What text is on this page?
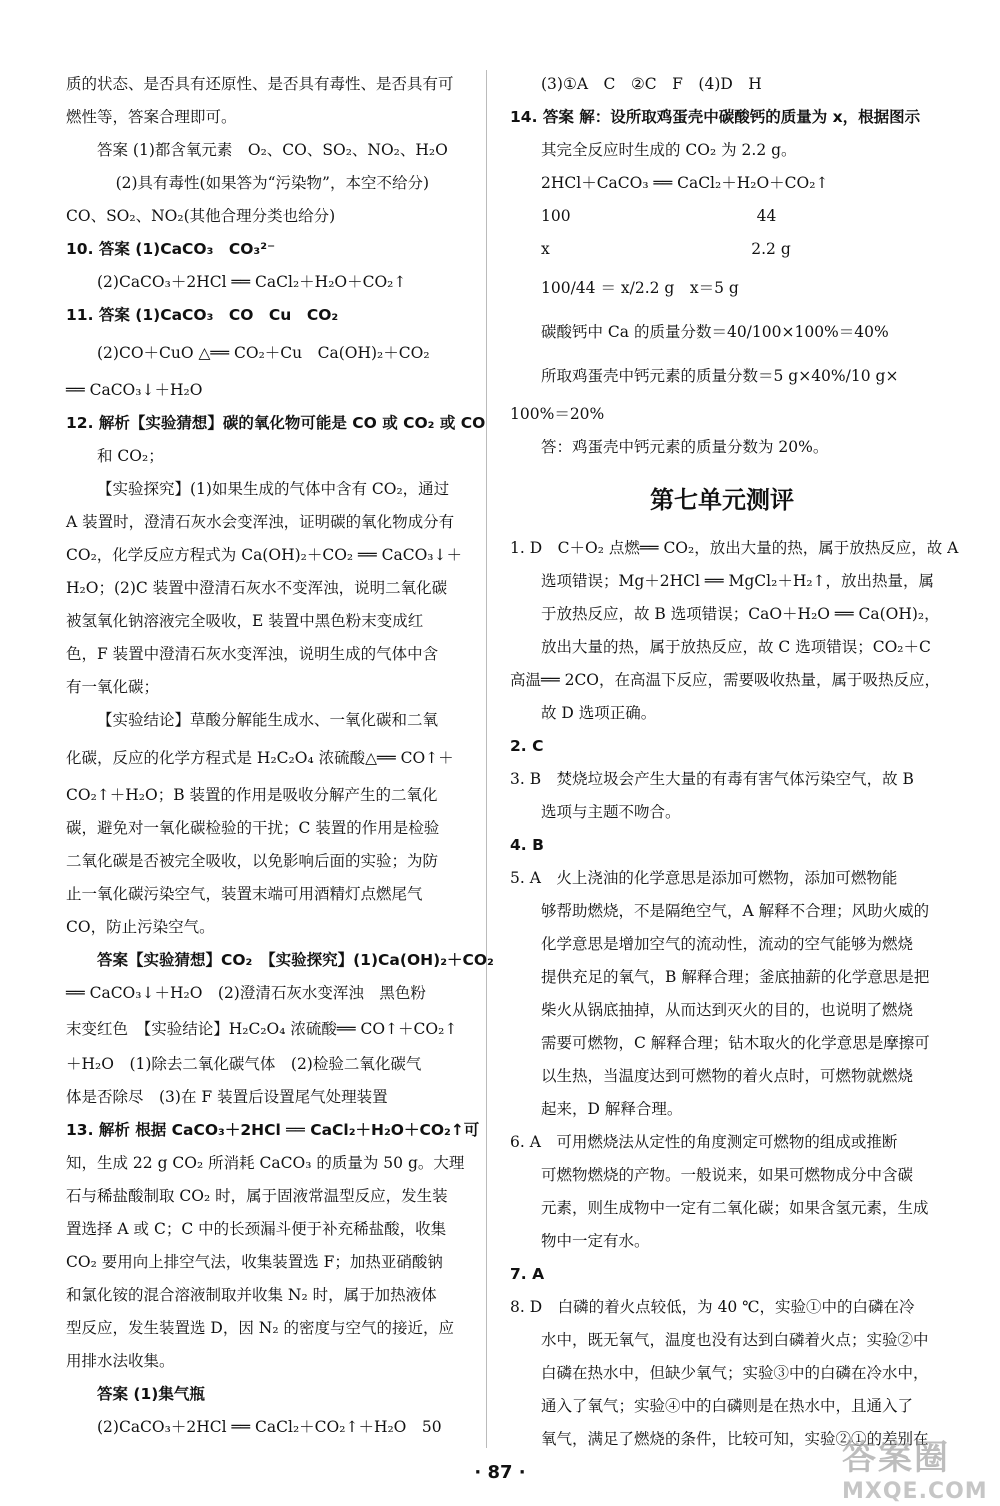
质的状态、是否具有还原性、是否具有毒性、是否具有可

燃性等，答案合理即可。

答案 (1)都含氧元素　O₂、CO、SO₂、NO₂、H₂O

(2)具有毒性(如果答为“污染物”，本空不给分)

CO、SO₂、NO₂(其他合理分类也给分)

10. 答案 (1)CaCO₃　CO₃²⁻

(2)CaCO₃＋2HCl ══ CaCl₂＋H₂O＋CO₂↑

11. 答案 (1)CaCO₃　CO　Cu　CO₂

(2)CO＋CuO △══ CO₂＋Cu　Ca(OH)₂＋CO₂

══ CaCO₃↓＋H₂O

12. 解析【实验猜想】碳的氧化物可能是 CO 或 CO₂ 或 CO

和 CO₂；

【实验探究】(1)如果生成的气体中含有 CO₂，通过

A 装置时，澄清石灰水会变浑浊，证明碳的氧化物成分有

CO₂，化学反应方程式为 Ca(OH)₂＋CO₂ ══ CaCO₃↓＋

H₂O；(2)C 装置中澄清石灰水不变浑浊，说明二氧化碳

被氢氧化钠溶液完全吸收，E 装置中黑色粉末变成红

色，F 装置中澄清石灰水变浑浊，说明生成的气体中含

有一氧化碳；

【实验结论】草酸分解能生成水、一氧化碳和二氧

化碳，反应的化学方程式是 H₂C₂O₄ 浓硫酸△══ CO↑＋

CO₂↑＋H₂O；B 装置的作用是吸收分解产生的二氧化

碳，避免对一氧化碳检验的干扰；C 装置的作用是检验

二氧化碳是否被完全吸收，以免影响后面的实验；为防

止一氧化碳污染空气，装置末端可用酒精灯点燃尾气

CO，防止污染空气。

答案【实验猜想】CO₂　【实验探究】(1)Ca(OH)₂＋CO₂

══ CaCO₃↓＋H₂O　(2)澄清石灰水变浑浊　黑色粉

末变红色　【实验结论】H₂C₂O₄ 浓硫酸══ CO↑＋CO₂↑

＋H₂O　(1)除去二氧化碳气体　(2)检验二氧化碳气

体是否除尽　(3)在 F 装置后设置尾气处理装置

13. 解析 根据 CaCO₃＋2HCl ══ CaCl₂＋H₂O＋CO₂↑可

知，生成 22 g CO₂ 所消耗 CaCO₃ 的质量为 50 g。大理

石与稀盐酸制取 CO₂ 时，属于固液常温型反应，发生装

置选择 A 或 C；C 中的长颈漏斗便于补充稀盐酸，收集

CO₂ 要用向上排空气法，收集装置选 F；加热亚硝酸钠

和氯化铵的混合溶液制取并收集 N₂ 时，属于加热液体

型反应，发生装置选 D，因 N₂ 的密度与空气的接近，应

用排水法收集。

答案 (1)集气瓶

(2)CaCO₃＋2HCl ══ CaCl₂＋CO₂↑＋H₂O　50

(3)①A　C　②C　F　(4)D　H

14. 答案 解：设所取鸡蛋壳中碳酸钙的质量为 x，根据图示

其完全反应时生成的 CO₂ 为 2.2 g。

2HCl＋CaCO₃ ══ CaCl₂＋H₂O＋CO₂↑

100　　　　　　　　　　　　44

x　　　　　　　　　　　　　2.2 g

100/44 ＝ x/2.2 g　x＝5 g

碳酸钙中 Ca 的质量分数＝40/100×100%＝40%

所取鸡蛋壳中钙元素的质量分数＝5 g×40%/10 g×

100%＝20%

答：鸡蛋壳中钙元素的质量分数为 20%。

第七单元测评

1. D　C＋O₂ 点燃══ CO₂，放出大量的热，属于放热反应，故 A

选项错误；Mg＋2HCl ══ MgCl₂＋H₂↑，放出热量，属

于放热反应，故 B 选项错误；CaO＋H₂O ══ Ca(OH)₂，

放出大量的热，属于放热反应，故 C 选项错误；CO₂＋C

高温══ 2CO，在高温下反应，需要吸收热量，属于吸热反应，

故 D 选项正确。

2. C

3. B　焚烧垃圾会产生大量的有毒有害气体污染空气，故 B

选项与主题不吻合。

4. B

5. A　火上浇油的化学意思是添加可燃物，添加可燃物能

够帮助燃烧，不是隔绝空气，A 解释不合理；风助火威的

化学意思是增加空气的流动性，流动的空气能够为燃烧

提供充足的氧气，B 解释合理；釜底抽薪的化学意思是把

柴火从锅底抽掉，从而达到灭火的目的，也说明了燃烧

需要可燃物，C 解释合理；钻木取火的化学意思是摩擦可

以生热，当温度达到可燃物的着火点时，可燃物就燃烧

起来，D 解释合理。

6. A　可用燃烧法从定性的角度测定可燃物的组成或推断

可燃物燃烧的产物。一般说来，如果可燃物成分中含碳

元素，则生成物中一定有二氧化碳；如果含氢元素，生成

物中一定有水。

7. A

8. D　白磷的着火点较低，为 40 ℃，实验①中的白磷在冷

水中，既无氧气，温度也没有达到白磷着火点；实验②中

白磷在热水中，但缺少氧气；实验③中的白磷在冷水中，

通入了氧气；实验④中的白磷则是在热水中，且通入了

氧气，满足了燃烧的条件，比较可知，实验②①的差别在

· 87 ·	答案圈
MXQE.COM
